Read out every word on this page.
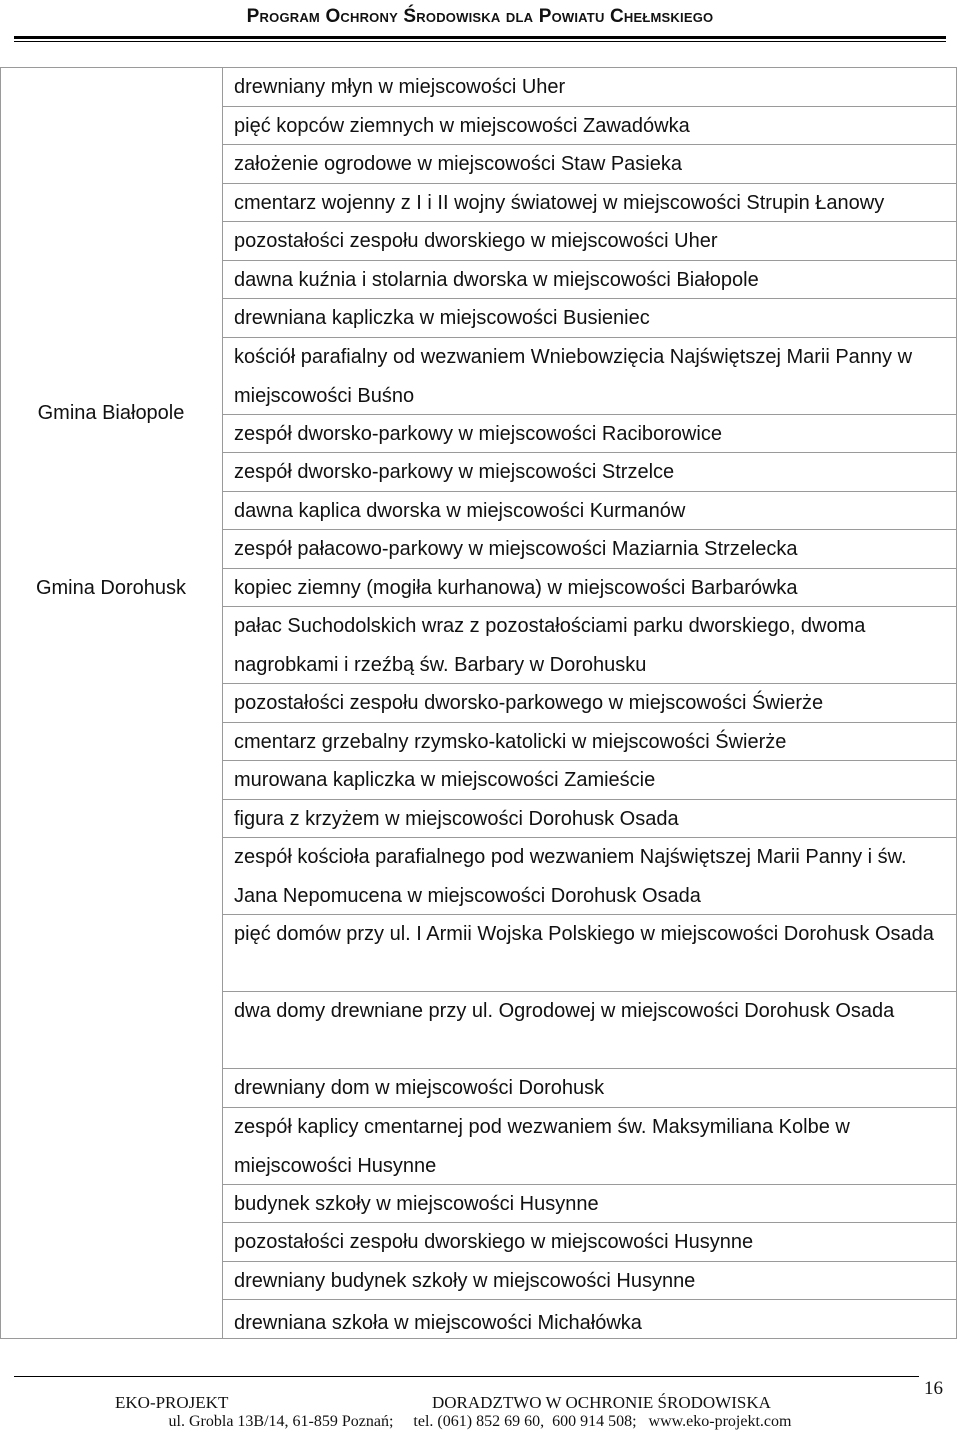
Program Ochrony Środowiska dla Powiatu Chełmskiego
Gmina Białopole
Gmina Dorohusk
drewniany młyn w miejscowości Uher
pięć kopców ziemnych w miejscowości Zawadówka
założenie ogrodowe w miejscowości Staw Pasieka
cmentarz wojenny z I i II wojny światowej w miejscowości Strupin Łanowy
pozostałości zespołu dworskiego w miejscowości Uher
dawna kuźnia i stolarnia dworska w miejscowości Białopole
drewniana kapliczka w miejscowości Busieniec
kościół parafialny od wezwaniem Wniebowzięcia Najświętszej Marii Panny w miejscowości Buśno
zespół dworsko-parkowy w miejscowości Raciborowice
zespół dworsko-parkowy w miejscowości Strzelce
dawna kaplica dworska w miejscowości Kurmanów
zespół pałacowo-parkowy w miejscowości Maziarnia Strzelecka
kopiec ziemny (mogiła kurhanowa) w miejscowości Barbarówka
pałac Suchodolskich wraz z pozostałościami parku dworskiego, dwoma nagrobkami i rzeźbą św. Barbary w Dorohusku
pozostałości zespołu dworsko-parkowego w miejscowości Świerże
cmentarz grzebalny rzymsko-katolicki w miejscowości Świerże
murowana kapliczka w miejscowości Zamieście
figura z krzyżem w miejscowości Dorohusk Osada
zespół kościoła parafialnego pod wezwaniem Najświętszej Marii Panny i św. Jana Nepomucena w miejscowości Dorohusk Osada
pięć domów przy ul. I Armii Wojska Polskiego w miejscowości Dorohusk Osada
dwa domy drewniane przy ul. Ogrodowej w miejscowości Dorohusk Osada
drewniany dom w miejscowości Dorohusk
zespół kaplicy cmentarnej pod wezwaniem św. Maksymiliana Kolbe w miejscowości Husynne
budynek szkoły w miejscowości Husynne
pozostałości zespołu dworskiego w miejscowości Husynne
drewniany budynek szkoły w miejscowości Husynne
drewniana szkoła w miejscowości Michałówka
16
EKO-PROJEKT	DORADZTWO W OCHRONIE ŚRODOWISKA
ul. Grobla 13B/14, 61-859 Poznań; tel. (061) 852 69 60,  600 914 508; www.eko-projekt.com
